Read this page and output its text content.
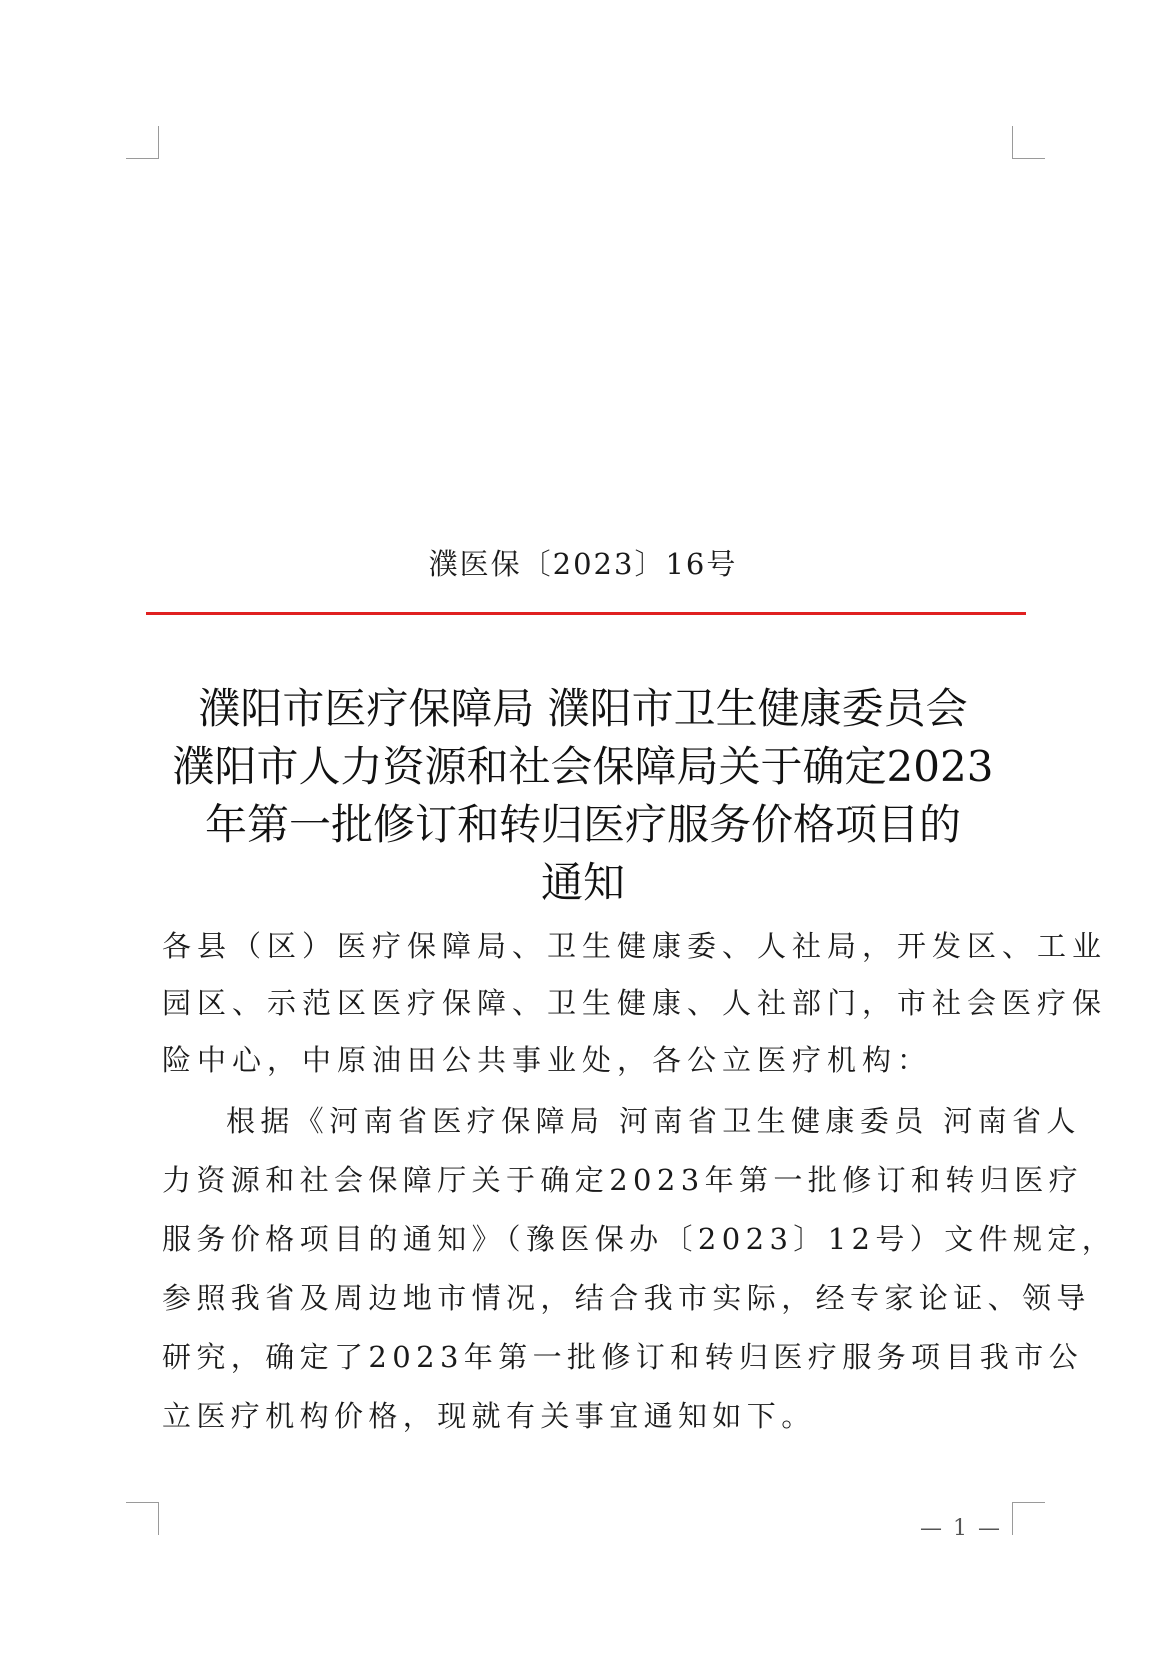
濮医保〔2023〕16号
濮阳市医疗保障局 濮阳市卫生健康委员会
濮阳市人力资源和社会保障局关于确定2023
年第一批修订和转归医疗服务价格项目的
通知
各县（区）医疗保障局、卫生健康委、人社局，开发区、工业
园区、示范区医疗保障、卫生健康、人社部门，市社会医疗保
险中心，中原油田公共事业处，各公立医疗机构：
根据《河南省医疗保障局 河南省卫生健康委员 河南省人
力资源和社会保障厅关于确定2023年第一批修订和转归医疗
服务价格项目的通知》（豫医保办〔2023〕12号）文件规定，
参照我省及周边地市情况，结合我市实际，经专家论证、领导
研究，确定了2023年第一批修订和转归医疗服务项目我市公
立医疗机构价格，现就有关事宜通知如下。
— 1 —
